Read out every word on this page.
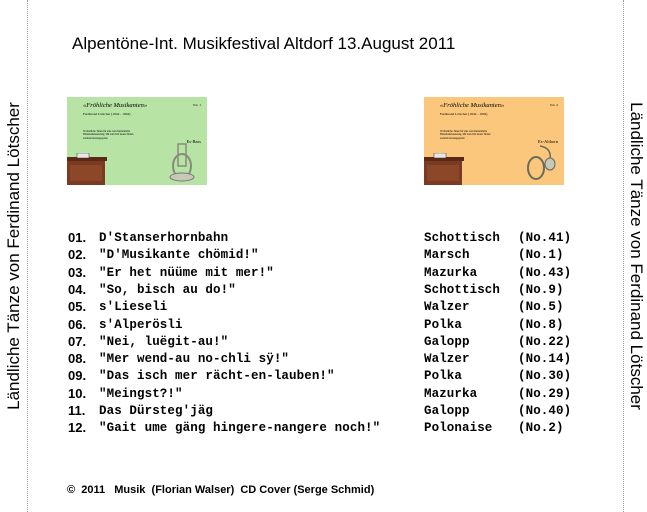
Ländliche Tänze von Ferdinand Lötscher	Ländliche Tänze von Ferdinand Lötscher
Alpentöne-Int. Musikfestival Altdorf 13.August 2011
«Fröhliche Musikanten»
Ferdinand Lötscher (1842 - 1904)
Vol. 1
30 ländliche Tänze für eine verschiedentliche Blasmusikbesetzung. Mit zum Teil neuen Sätzen erstmals herausgegeben
Es-Bass
«Fröhliche Musikanten»
Ferdinand Lötscher (1842 - 1904)
Vol. 2
30 ländliche Tänze für eine verschiedentliche Blasmusikbesetzung. Mit zum Teil neuen Sätzen erstmals herausgegeben
Es-Althorn
01. D'Stanserhornbahn	Schottisch (No.41)
02. "D'Musikante chömid!"	Marsch	(No.1)
03. "Er het nüüme mit mer!"	Mazurka	(No.43)
04. "So, bisch au do!"	Schottisch (No.9)
05. s'Lieseli	Walzer	(No.5)
06. s'Alperösli	Polka	(No.8)
07. "Nei, luëgit-au!"	Galopp	(No.22)
08. "Mer wend-au no-chli sÿ!"	Walzer	(No.14)
09. "Das isch mer rächt-en-lauben!"	Polka	(No.30)
10. "Meingst?!"	Mazurka	(No.29)
11. Das Dürsteg'jäg	Galopp	(No.40)
12. "Gait ume gäng hingere-nangere noch!"	Polonaise (No.2)
©  2011   Musik  (Florian Walser)  CD Cover (Serge Schmid)
